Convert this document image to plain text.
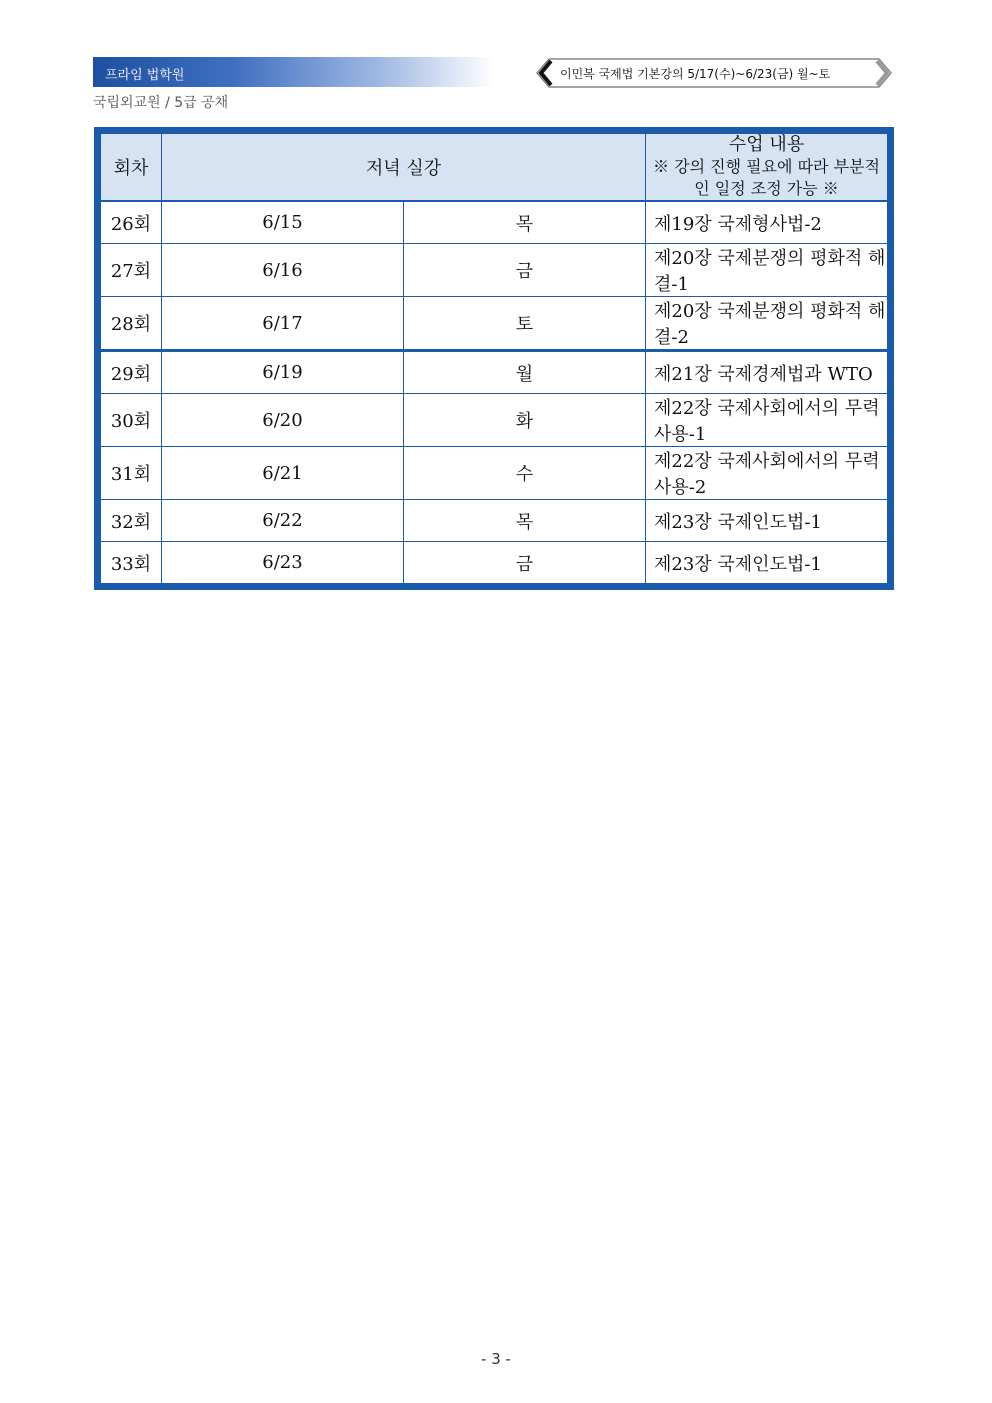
프라임 법학원	이민복 국제법 기본강의 5/17(수)~6/23(금) 월~토
국립외교원 / 5급 공채
회차	저녁 실강		수업 내용
※ 강의 진행 필요에 따라 부분적인 일정 조정 가능 ※

26회	6/15	목	제19장 국제형사법-2
27회	6/16	금	제20장 국제분쟁의 평화적 해결-1
28회	6/17	토	제20장 국제분쟁의 평화적 해결-2
29회	6/19	월	제21장 국제경제법과 WTO
30회	6/20	화	제22장 국제사회에서의 무력사용-1
31회	6/21	수	제22장 국제사회에서의 무력사용-2
32회	6/22	목	제23장 국제인도법-1
33회	6/23	금	제23장 국제인도법-1
- 3 -
